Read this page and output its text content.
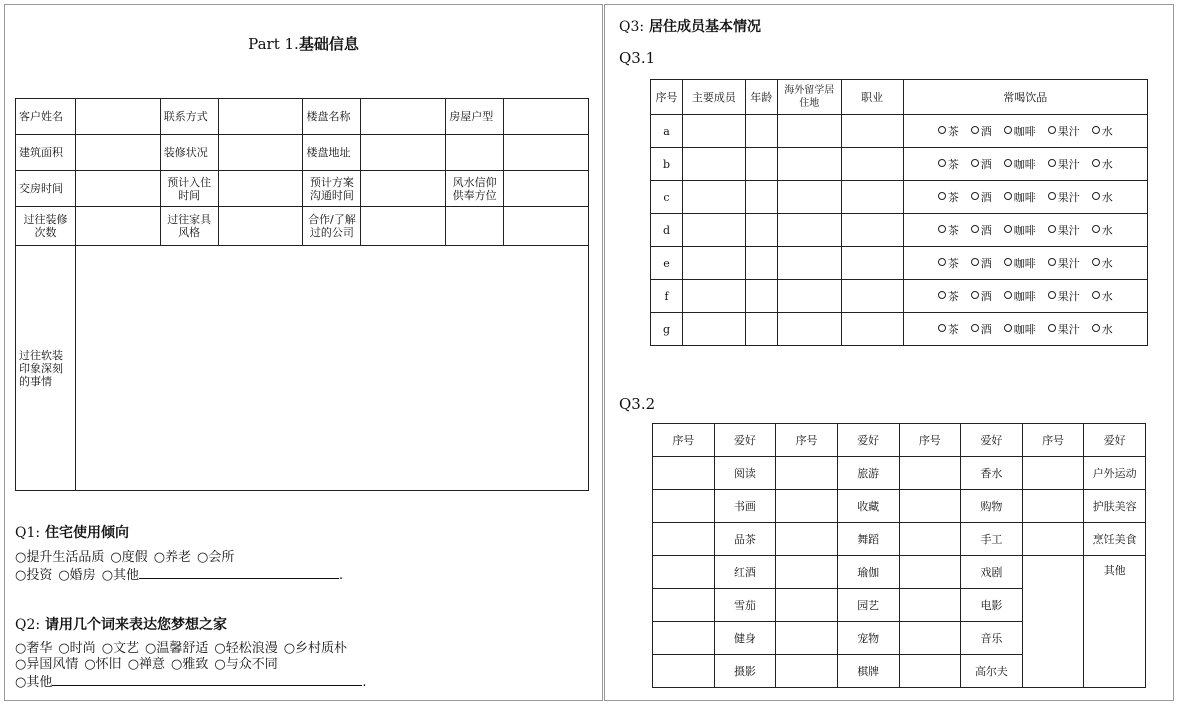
Part 1.基础信息
客户姓名		联系方式		楼盘名称		房屋户型	
建筑面积		装修状况		楼盘地址			
交房时间		预计入住时间		预计方案沟通时间		风水信仰供奉方位	
过往装修次数		过往家具风格		合作/了解过的公司			
过往软装印象深刻的事情							
Q1: 住宅使用倾向
○提升生活品质 ○度假 ○养老 ○会所
○投资 ○婚房 ○其他	.
Q2: 请用几个词来表达您梦想之家
○奢华 ○时尚 ○文艺 ○温馨舒适 ○轻松浪漫 ○乡村质朴
○异国风情 ○怀旧 ○禅意 ○雅致 ○与众不同
○其他	.
Q3: 居住成员基本情况
Q3.1
序号	主要成员	年龄	海外留学居住地	职业	常喝饮品
a					茶 酒 咖啡 果汁 水
b					茶 酒 咖啡 果汁 水
c					茶 酒 咖啡 果汁 水
d					茶 酒 咖啡 果汁 水
e					茶 酒 咖啡 果汁 水
f					茶 酒 咖啡 果汁 水
g					茶 酒 咖啡 果汁 水
Q3.2
序号	爱好	序号	爱好	序号	爱好	序号	爱好
	阅读		旅游		香水		户外运动
	书画		收藏		购物		护肤美容
	品茶		舞蹈		手工		烹饪美食
	红酒		瑜伽		戏剧		其他
	雪茄		园艺		电影		
	健身		宠物		音乐		
	摄影		棋牌		高尔夫		
